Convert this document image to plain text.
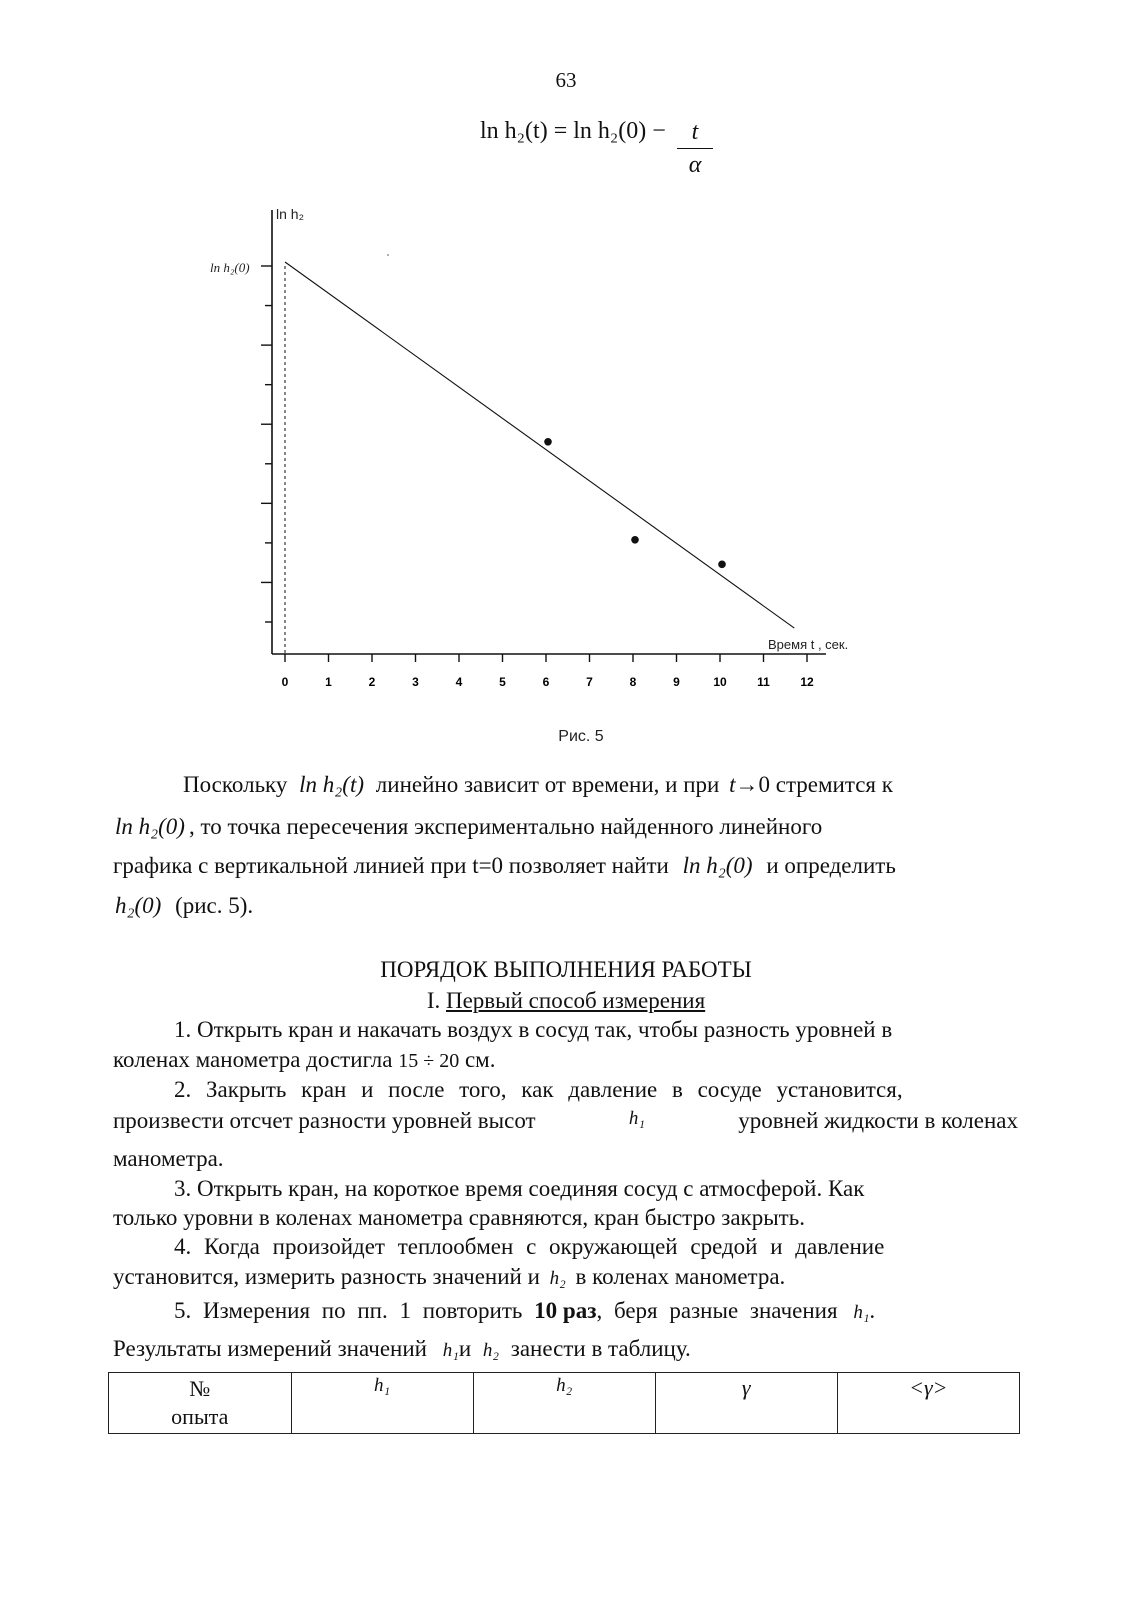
63
ln h₂(t) = ln h₂(0) −	t
α
0	1	2	3	4	5	6	7	8	9	10	11	12
ln h₂
ln h₂(0)
Время t , сек.
Рис. 5
Поскольку ln h₂(t) линейно зависит от времени, и при t→0 стремится к
ln h₂(0) , то точка пересечения экспериментально найденного линейного
графика с вертикальной линией при t=0 позволяет найти ln h₂(0) и определить
h₂(0) (рис. 5).
ПОРЯДОК ВЫПОЛНЕНИЯ РАБОТЫ
I. Первый способ измерения
1. Открыть кран и накачать воздух в сосуд так, чтобы разность уровней в
коленах манометра достигла 15 ÷ 20 см.
2. Закрыть кран и после того, как давление в сосуде установится,
произвести отсчет разности уровней высот	h₁	уровней жидкости в коленах
манометра.
3. Открыть кран, на короткое время соединяя сосуд с атмосферой. Как
только уровни в коленах манометра сравняются, кран быстро закрыть.
4. Когда произойдет теплообмен с окружающей средой и давление
установится, измерить разность значений и h₂ в коленах манометра.
5. Измерения по пп. 1 повторить 10 раз, беря разные значения h₁.
Результаты измерений значений h₁и h₂ занести в таблицу.
№
опыта	h₁	h₂	γ	<γ>
